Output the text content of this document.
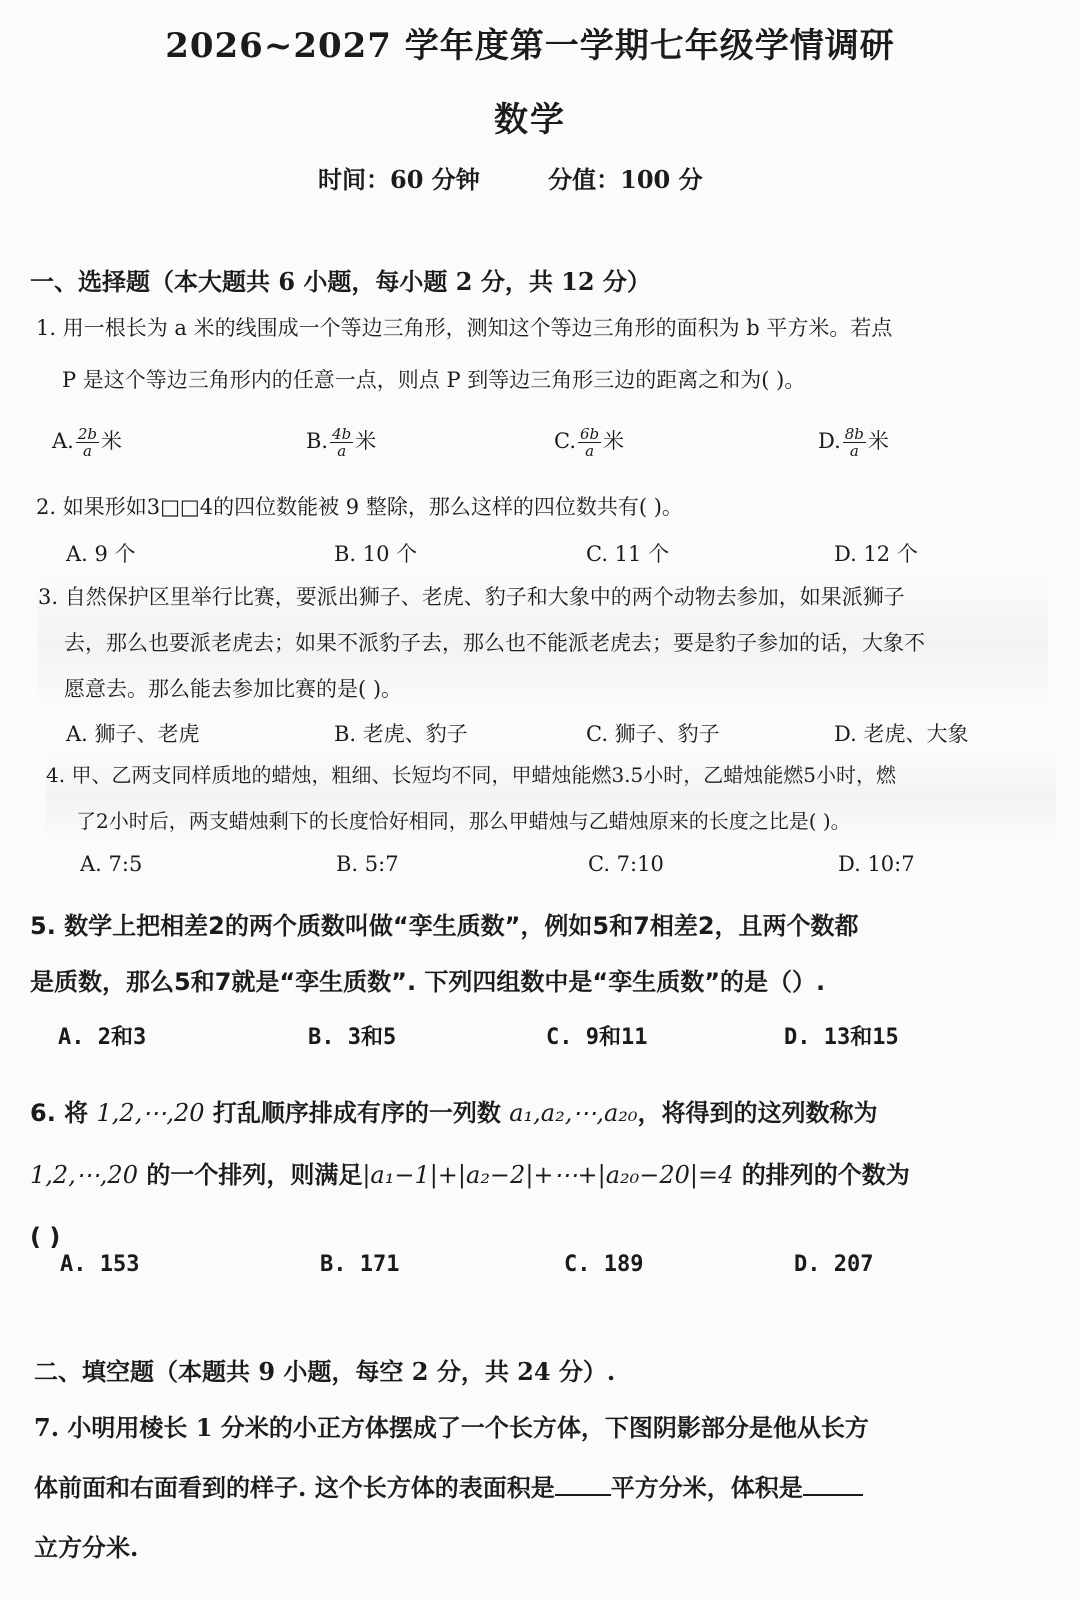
2026~2027 学年度第一学期七年级学情调研
数学
时间：60 分钟	分值：100 分
一、选择题（本大题共 6 小题，每小题 2 分，共 12 分）
1. 用一根长为 a 米的线围成一个等边三角形，测知这个等边三角形的面积为 b 平方米。若点
P 是这个等边三角形内的任意一点，则点 P 到等边三角形三边的距离之和为( )。
A. $\frac{2b}{a}$ 米	B. $\frac{4b}{a}$ 米	C. $\frac{6b}{a}$ 米	D. $\frac{8b}{a}$ 米
2. 如果形如3□□4的四位数能被 9 整除，那么这样的四位数共有( )。
A. 9 个	B. 10 个	C. 11 个	D. 12 个
3. 自然保护区里举行比赛，要派出狮子、老虎、豹子和大象中的两个动物去参加，如果派狮子

去，那么也要派老虎去；如果不派豹子去，那么也不能派老虎去；要是豹子参加的话，大象不
愿意去。那么能去参加比赛的是( )。
A. 狮子、老虎	B. 老虎、豹子	C. 狮子、豹子	D. 老虎、大象
4. 甲、乙两支同样质地的蜡烛，粗细、长短均不同，甲蜡烛能燃3.5小时，乙蜡烛能燃5小时，燃

了2小时后，两支蜡烛剩下的长度恰好相同，那么甲蜡烛与乙蜡烛原来的长度之比是( )。
A. 7:5	B. 5:7	C. 7:10	D. 10:7
5. 数学上把相差2的两个质数叫做“孪生质数”，例如5和7相差2，且两个数都
是质数，那么5和7就是“孪生质数”. 下列四组数中是“孪生质数”的是（）.
A. 2和3	B. 3和5	C. 9和11	D. 13和15
6. 将 1,2,⋯,20 打乱顺序排成有序的一列数 a₁,a₂,⋯,a₂₀，将得到的这列数称为
1,2,⋯,20 的一个排列，则满足|a₁−1|+|a₂−2|+⋯+|a₂₀−20|=4 的排列的个数为
( )
A. 153	B. 171	C. 189	D. 207
二、填空题（本题共 9 小题，每空 2 分，共 24 分）.
7. 小明用棱长 1 分米的小正方体摆成了一个长方体，下图阴影部分是他从长方
体前面和右面看到的样子. 这个长方体的表面积是 平方分米，体积是
立方分米.
